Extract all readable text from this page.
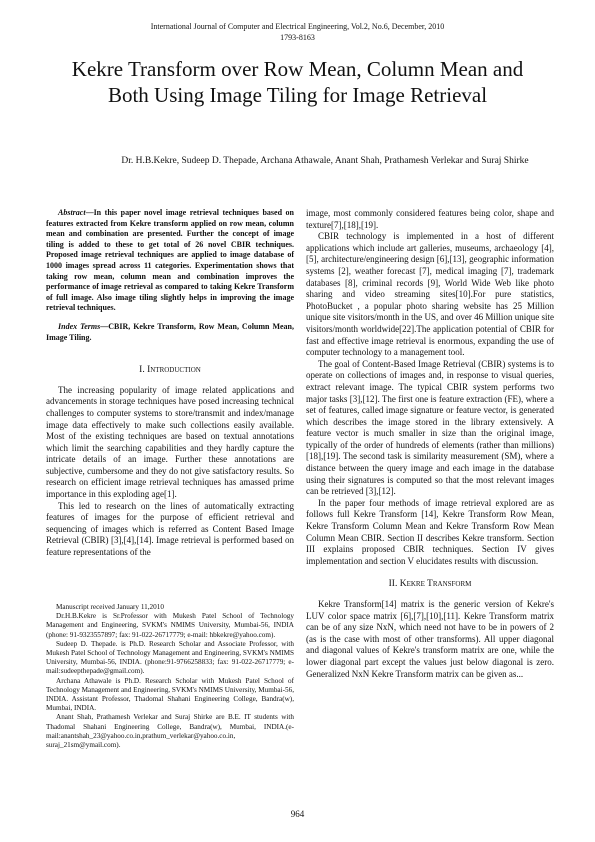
International Journal of Computer and Electrical Engineering, Vol.2, No.6, December, 2010
1793-8163
Kekre Transform over Row Mean, Column Mean and Both Using Image Tiling for Image Retrieval
Dr. H.B.Kekre, Sudeep D. Thepade, Archana Athawale, Anant Shah, Prathamesh Verlekar and Suraj Shirke

Abstract—In this paper novel image retrieval techniques based on features extracted from Kekre transform applied on row mean, column mean and combination are presented. Further the concept of image tiling is added to these to get total of 26 novel CBIR techniques. Proposed image retrieval techniques are applied to image database of 1000 images spread across 11 categories. Experimentation shows that taking row mean, column mean and combination improves the performance of image retrieval as compared to taking Kekre Transform of full image. Also image tiling slightly helps in improving the image retrieval techniques.

Index Terms—CBIR, Kekre Transform, Row Mean, Column Mean, Image Tiling.

I. Introduction

The increasing popularity of image related applications and advancements in storage techniques have posed increasing technical challenges to computer systems to store/transmit and index/manage image data effectively to make such collections easily available. Most of the existing techniques are based on textual annotations which limit the searching capabilities and they hardly capture the intricate details of an image. Further these annotations are subjective, cumbersome and they do not give satisfactory results. So research on efficient image retrieval techniques has amassed prime importance in this exploding age[1].

This led to research on the lines of automatically extracting features of images for the purpose of efficient retrieval and sequencing of images which is referred as Content Based Image Retrieval (CBIR) [3],[4],[14]. Image retrieval is performed based on feature representations of the

Manuscript received January 11,2010

Dr.H.B.Kekre is Sr.Professor with Mukesh Patel School of Technology Management and Engineering, SVKM's NMIMS University, Mumbai-56, INDIA (phone: 91-9323557897; fax: 91-022-26717779; e-mail: hbkekre@yahoo.com).

Sudeep D. Thepade. is Ph.D. Research Scholar and Associate Professor, with Mukesh Patel School of Technology Management and Engineering, SVKM's NMIMS University, Mumbai-56, INDIA. (phone:91-9766258833; fax: 91-022-26717779; e-mail:sudeepthepade@gmail.com).

Archana Athawale is Ph.D. Research Scholar with Mukesh Patel School of Technology Management and Engineering, SVKM's NMIMS University, Mumbai-56, INDIA. Assistant Professor, Thadomal Shahani Engineering College, Bandra(w), Mumbai, INDIA.

Anant Shah, Prathamesh Verlekar and Suraj Shirke are B.E. IT students with Thadomal Shahani Engineering College, Bandra(w), Mumbai, INDIA.(e-mail:anantshah_23@yahoo.co.in,prathum_verlekar@yahoo.co.in, suraj_21sm@ymail.com).

image, most commonly considered features being color, shape and texture[7],[18],[19].

CBIR technology is implemented in a host of different applications which include art galleries, museums, archaeology [4],[5], architecture/engineering design [6],[13], geographic information systems [2], weather forecast [7], medical imaging [7], trademark databases [8], criminal records [9], World Wide Web like photo sharing and video streaming sites[10].For pure statistics, PhotoBucket , a popular photo sharing website has 25 Million unique site visitors/month in the US, and over 46 Million unique site visitors/month worldwide[22].The application potential of CBIR for fast and effective image retrieval is enormous, expanding the use of computer technology to a management tool.

The goal of Content-Based Image Retrieval (CBIR) systems is to operate on collections of images and, in response to visual queries, extract relevant image. The typical CBIR system performs two major tasks [3],[12]. The first one is feature extraction (FE), where a set of features, called image signature or feature vector, is generated which describes the image stored in the library extensively. A feature vector is much smaller in size than the original image, typically of the order of hundreds of elements (rather than millions)[18],[19]. The second task is similarity measurement (SM), where a distance between the query image and each image in the database using their signatures is computed so that the most relevant images can be retrieved [3],[12].

In the paper four methods of image retrieval explored are as follows full Kekre Transform [14], Kekre Transform Row Mean, Kekre Transform Column Mean and Kekre Transform Row Mean Column Mean CBIR. Section II describes Kekre transform. Section III explains proposed CBIR techniques. Section IV gives implementation and section V elucidates results with discussion.

II. Kekre Transform

Kekre Transform[14] matrix is the generic version of Kekre's LUV color space matrix [6],[7],[10],[11]. Kekre Transform matrix can be of any size NxN, which need not have to be in powers of 2 (as is the case with most of other transforms). All upper diagonal and diagonal values of Kekre's transform matrix are one, while the lower diagonal part except the values just below diagonal is zero. Generalized NxN Kekre Transform matrix can be given as...

964
